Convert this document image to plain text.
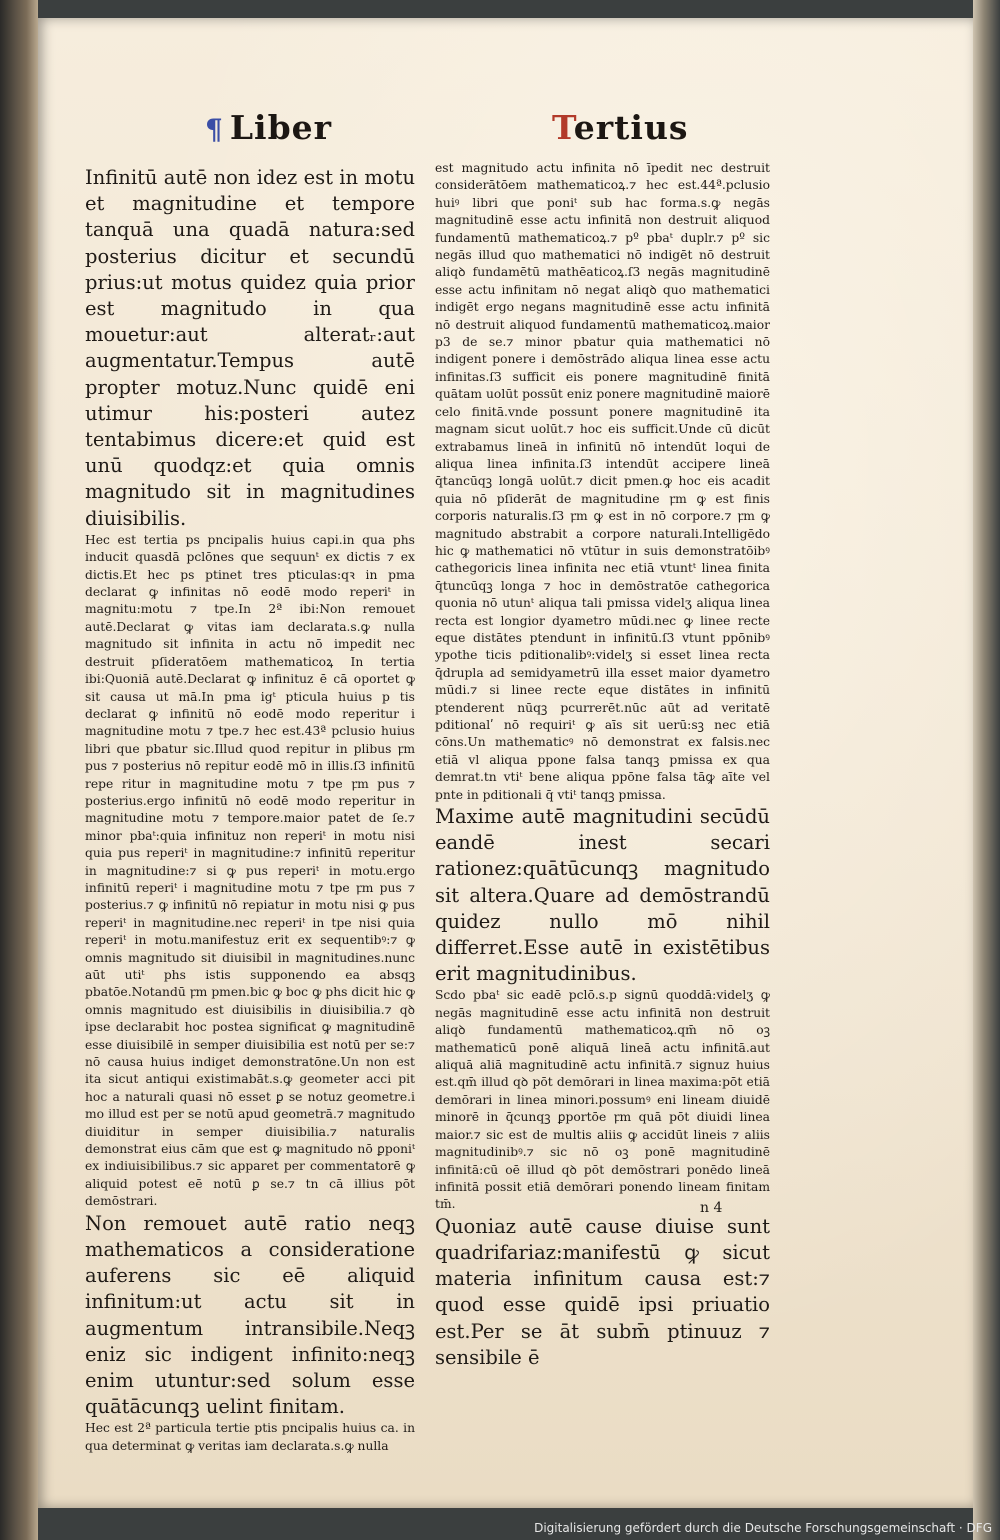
¶ Liber	Tertius

Infinitū autē non idez est in motu et magnitudine et tempore tanquā una quadā natura:sed posterius dicitur et secundū prius:ut motus quidez quia prior est magnitudo in qua mouetur:aut alteratᵣ:aut augmentatur.Tempus autē propter motuz.Nunc quidē eni utimur his:posteri autez tentabimus dicere:et quid est unū quodqz:et quia omnis magnitudo sit in magnitudines diuisibilis.

Hec est tertia ps pncipalis huius capi.in qua phs inducit quasdā pclōnes que sequunᵗ ex dictis ⁊ ex dictis.Et hec ps ptinet tres pticulas:qꝛ in pma declarat ꝙ infinitas nō eodē modo reperiᵗ in magnitu:motu ⁊ tpe.In 2ª ibi:Non remouet autē.Declarat ꝙ vitas iam declarata.s.ꝙ nulla magnitudo sit infinita in actu nō impedit nec destruit pſideratōem mathematicoꝝ In tertia ibi:Quoniā autē.Declarat ꝙ infinituz ē cā oportet ꝙ sit causa ut mā.In pma igᵗ pticula huius p tis declarat ꝙ infinitū nō eodē modo reperitur i magnitudine motu ⁊ tpe.⁊ hec est.43ª pclusio huius libri que pbatur sic.Illud quod repitur in plibus ꝼm pus ⁊ posterius nō repitur eodē mō in illis.ſ3 infinitū repe ritur in magnitudine motu ⁊ tpe ꝼm pus ⁊ posterius.ergo infinitū nō eodē modo reperitur in magnitudine motu ⁊ tempore.maior patet de ſe.⁊ minor pbaᵗ:quia infinituz non reperiᵗ in motu nisi quia pus reperiᵗ in magnitudine:⁊ infinitū reperitur in magnitudine:⁊ si ꝙ pus reperiᵗ in motu.ergo infinitū reperiᵗ i magnitudine motu ⁊ tpe ꝼm pus ⁊ posterius.⁊ ꝙ infinitū nō repiatur in motu nisi ꝙ pus reperiᵗ in magnitudine.nec reperiᵗ in tpe nisi quia reperiᵗ in motu.manifestuz erit ex sequentibꝰ:⁊ ꝙ omnis magnitudo sit diuisibil in magnitudines.nunc aūt utiᵗ phs istis supponendo ea absqꝫ pbatōe.Notandū ꝼm pmen.bic ꝙ boc ꝙ phs dicit hic ꝙ omnis magnitudo est diuisibilis in diuisibilia.⁊ qꝺ ipse declarabit hoc postea significat ꝙ magnitudinē esse diuisibilē in semper diuisibilia est notū per se:⁊ nō causa huius indiget demonstratōne.Un non est ita sicut antiqui existimabāt.s.ꝙ geometer acci pit hoc a naturali quasi nō esset ꝑ se notuz geometre.i mo illud est per se notū apud geometrā.⁊ magnitudo diuiditur in semper diuisibilia.⁊ naturalis demonstrat eius cām que est ꝙ magnitudo nō ꝑponiᵗ ex indiuisibilibus.⁊ sic apparet per commentatorē ꝙ aliquid potest eē notū ꝑ se.⁊ tn cā illius pōt demōstrari.

Non remouet autē ratio neqꝫ mathematicos a consideratione auferens sic eē aliquid infinitum:ut actu sit in augmentum intransibile.Neqꝫ eniz sic indigent infinito:neqꝫ enim utuntur:sed solum esse quātācunqꝫ uelint finitam.

Hec est 2ª particula tertie ptis pncipalis huius ca. in qua determinat ꝙ veritas iam declarata.s.ꝙ nulla

est magnitudo actu infinita nō īpedit nec destruit considerātōem mathematicoꝝ.⁊ hec est.44ª.pclusio huiꝰ libri que poniᵗ sub hac forma.s.ꝙ negās magnitudinē esse actu infinitā non destruit aliquod fundamentū mathematicoꝝ.⁊ pº pbaᵗ duplr.⁊ pº sic negās illud quo mathematici nō indigēt nō destruit aliqꝺ fundamētū mathēaticoꝝ.ſ3 negās magnitudinē esse actu infinitam nō negat aliqꝺ quo mathematici indigēt ergo negans magnitudinē esse actu infinitā nō destruit aliquod fundamentū mathematicoꝝ.maior p3 de se.⁊ minor pbatur quia mathematici nō indigent ponere i demōstrādo aliqua linea esse actu infinitas.ſ3 sufficit eis ponere magnitudinē finitā quātam uolūt possūt eniz ponere magnitudinē maiorē celo finitā.vnde possunt ponere magnitudinē ita magnam sicut uolūt.⁊ hoc eis sufficit.Unde cū dicūt extrabamus lineā in infinitū nō intendūt loqui de aliqua linea infinita.ſ3 intendūt accipere lineā q̄tancūqꝫ longā uolūt.⁊ dicit pmen.ꝙ hoc eis acadit quia nō pſiderāt de magnitudine ꝼm ꝙ est finis corporis naturalis.ſ3 ꝼm ꝙ est in nō corpore.⁊ ꝼm ꝙ magnitudo abstrabit a corpore naturali.Intelligēdo hic ꝙ mathematici nō vtūtur in suis demonstratōibꝰ cathegoricis linea infinita nec etiā vtuntᵗ linea finita q̄tuncūqꝫ longa ⁊ hoc in demōstratōe cathegorica quonia nō utunᵗ aliqua tali pmissa videlʒ aliqua linea recta est longior dyametro mūdi.nec ꝙ linee recte eque distātes ptendunt in infinitū.ſ3 vtunt ppōnibꝰ ypothe ticis pditionalibꝰ:videlʒ si esset linea recta q̄drupla ad semidyametrū illa esset maior dyametro mūdi.⁊ si linee recte eque distātes in infinitū ptenderent nūqꝫ pcurrerēt.nūc aūt ad veritatē pditionalʹ nō requiriᵗ ꝙ aīs sit uerū:sꝫ nec etiā cōns.Un mathematicꝰ nō demonstrat ex falsis.nec etiā vl aliqua ppone falsa tanqꝫ pmissa ex qua demrat.tn vtiᵗ bene aliqua ppōne falsa tāꝙ aīte vel pnte in pditionali q̄ vtiᵗ tanqꝫ pmissa.

Maxime autē magnitudini secūdū eandē inest secari rationez:quātūcunqꝫ magnitudo sit altera.Quare ad demōstrandū quidez nullo mō nihil differret.Esse autē in existētibus erit magnitudinibus.

Scdo pbaᵗ sic eadē pclō.s.p signū quoddā:videlʒ ꝙ negās magnitudinē esse actu infinitā non destruit aliqꝺ fundamentū mathematicoꝝ.qm̄ nō oꝫ mathematicū ponē aliquā lineā actu infinitā.aut aliquā aliā magnitudinē actu infinitā.⁊ signuz huius est.qm̄ illud qꝺ pōt demōrari in linea maxima:pōt etiā demōrari in linea minori.possumꝰ eni lineam diuidē minorē in q̄cunqꝫ ꝑportōe ꝼm quā pōt diuidi linea maior.⁊ sic est de multis aliis ꝙ accidūt lineis ⁊ aliis magnitudinibꝰ.⁊ sic nō oꝫ ponē magnitudinē infinitā:cū oē illud qꝺ pōt demōstrari ponēdo lineā infinitā possit etiā demōrari ponendo lineam finitam tm̄.

Quoniaz autē cause diuise sunt quadrifariaz:manifestū ꝙ sicut materia infinitum causa est:⁊ quod esse quidē ipsi priuatio est.Per se āt subm̄ ptinuuz ⁊ sensibile ē

n 4
Digitalisierung gefördert durch die Deutsche Forschungsgemeinschaft · DFG
